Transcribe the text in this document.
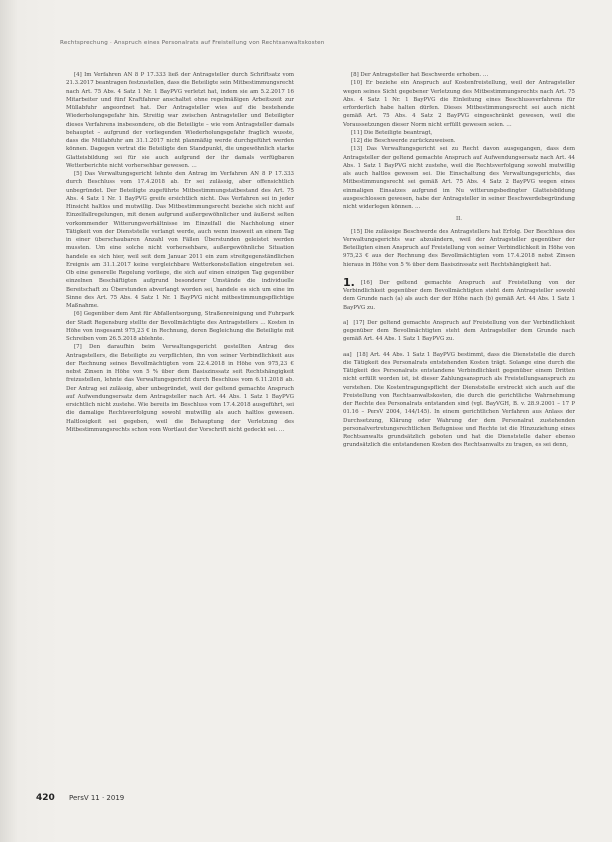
Rechtsprechung · Anspruch eines Personalrats auf Freistellung von Rechtsanwaltskosten

[4] Im Verfahren AN 8 P 17.333 ließ der Antragsteller durch Schriftsatz vom 21.3.2017 beantragen festzustellen, dass die Beteiligte sein Mitbestimmungsrecht nach Art. 75 Abs. 4 Satz 1 Nr. 1 BayPVG verletzt hat, indem sie am 5.2.2017 16 Mitarbeiter und fünf Kraftfahrer anschaltet ohne regelmäßigen Arbeitszeit zur Müllabfuhr angeordnet hat. Der Antragsteller wies auf die bestehende Wiederholungsgefahr hin. Streitig war zwischen Antragsteller und Beteiligter dieses Verfahrens insbesondere, ob die Beteiligte – wie vom Antragsteller damals behauptet – aufgrund der vorliegenden Wiederholungsgefahr fraglich wusste, dass die Müllabfuhr am 31.1.2017 nicht planmäßig werde durchgeführt werden können. Dagegen vertrat die Beteiligte den Standpunkt, die ungewöhnlich starke Glatteisbildung sei für sie auch aufgrund der ihr damals verfügbaren Wetterberichte nicht vorhersehbar gewesen. …

[5] Das Verwaltungsgericht lehnte den Antrag im Verfahren AN 8 P 17.333 durch Beschluss vom 17.4.2018 ab. Er sei zulässig, aber offensichtlich unbegründet. Der Beteiligte zugeführte Mitbestimmungstatbestand des Art. 75 Abs. 4 Satz 1 Nr. 1 BayPVG greife ersichtlich nicht. Das Verfahren sei in jeder Hinsicht haltlos und mutwillig. Das Mitbestimmungsrecht beziehe sich nicht auf Einzelfallregelungen, mit denen aufgrund außergewöhnlicher und äußerst selten vorkommender Witterungsverhältnisse im Einzelfall die Nachholung einer Tätigkeit von der Dienststelle verlangt werde, auch wenn insoweit an einem Tag in einer überschaubaren Anzahl von Fällen Überstunden geleistet werden mussten. Um eine solche nicht vorhersehbare, außergewöhnliche Situation handele es sich hier, weil seit dem Januar 2011 ein zum streitgegenständlichen Ereignis am 31.1.2017 keine vergleichbare Wetterkonstellation eingetreten sei. Ob eine generelle Regelung vorliege, die sich auf einen einzigen Tag gegenüber einzelnen Beschäftigten aufgrund besonderer Umstände die individuelle Bereitschaft zu Überstunden abverlangt worden sei, handele es sich um eine im Sinne des Art. 75 Abs. 4 Satz 1 Nr. 1 BayPVG nicht mitbestimmungspflichtige Maßnahme.

[6] Gegenüber dem Amt für Abfallentsorgung, Straßenreinigung und Fuhrpark der Stadt Regensburg stellte der Bevollmächtigte des Antragstellers … Kosten in Höhe von insgesamt 975,23 € in Rechnung, deren Begleichung die Beteiligte mit Schreiben vom 26.5.2018 ablehnte.

[7] Den daraufhin beim Verwaltungsgericht gestellten Antrag des Antragstellers, die Beteiligte zu verpflichten, ihn von seiner Verbindlichkeit aus der Rechnung seines Bevollmächtigten vom 22.4.2018 in Höhe von 975,23 € nebst Zinsen in Höhe von 5 % über dem Basiszinssatz seit Rechtshängigkeit freizustellen, lehnte das Verwaltungsgericht durch Beschluss vom 6.11.2018 ab. Der Antrag sei zulässig, aber unbegründet, weil der geltend gemachte Anspruch auf Aufwendungsersatz dem Antragsteller nach Art. 44 Abs. 1 Satz 1 BayPVG ersichtlich nicht zustehe. Wie bereits im Beschluss vom 17.4.2018 ausgeführt, sei die damalige Rechtsverfolgung sowohl mutwillig als auch haltlos gewesen. Haltlosigkeit sei gegeben, weil die Behauptung der Verletzung des Mitbestimmungsrechts schon vom Wortlaut der Vorschrift nicht gedeckt sei. …

[8] Der Antragsteller hat Beschwerde erhoben. …

[10] Er beziehe ein Anspruch auf Kostenfreistellung, weil der Antragsteller wegen seines Sicht gegebener Verletzung des Mitbestimmungsrechts nach Art. 75 Abs. 4 Satz 1 Nr. 1 BayPVG die Einleitung eines Beschlussverfahrens für erforderlich habe halten dürfen. Dieses Mitbestimmungsrecht sei auch nicht gemäß Art. 75 Abs. 4 Satz 2 BayPVG eingeschränkt gewesen, weil die Voraussetzungen dieser Norm nicht erfüllt gewesen seien. …

[11] Die Beteiligte beantragt,

[12] die Beschwerde zurückzuweisen.

[13] Das Verwaltungsgericht sei zu Recht davon ausgegangen, dass dem Antragsteller der geltend gemachte Anspruch auf Aufwendungsersatz nach Art. 44 Abs. 1 Satz 1 BayPVG nicht zustehe, weil die Rechtsverfolgung sowohl mutwillig als auch haltlos gewesen sei. Die Einschaltung des Verwaltungsgerichts, das Mitbestimmungsrecht sei gemäß Art. 75 Abs. 4 Satz 2 BayPVG wegen eines einmaligen Einsatzes aufgrund im Nu witterungsbedingter Glatteisbildung ausgeschlossen gewesen, habe der Antragsteller in seiner Beschwerdebegründung nicht widerlegen können. …

II.

[15] Die zulässige Beschwerde des Antragstellers hat Erfolg. Der Beschluss des Verwaltungsgerichts war abzuändern, weil der Antragsteller gegenüber der Beteiligten einen Anspruch auf Freistellung von seiner Verbindlichkeit in Höhe von 975,23 € aus der Rechnung des Bevollmächtigten vom 17.4.2018 nebst Zinsen hieraus in Höhe von 5 % über dem Basiszinssatz seit Rechtshängigkeit hat.

1. [16] Der geltend gemachte Anspruch auf Freistellung von der Verbindlichkeit gegenüber dem Bevollmächtigten steht dem Antragsteller sowohl dem Grunde nach (a) als auch der der Höhe nach (b) gemäß Art. 44 Abs. 1 Satz 1 BayPVG zu.

a] [17] Der geltend gemachte Anspruch auf Freistellung von der Verbindlichkeit gegenüber dem Bevollmächtigten steht dem Antragsteller dem Grunde nach gemäß Art. 44 Abs. 1 Satz 1 BayPVG zu.

aa] [18] Art. 44 Abs. 1 Satz 1 BayPVG bestimmt, dass die Dienststelle die durch die Tätigkeit des Personalrats entstehenden Kosten trägt. Solange eine durch die Tätigkeit des Personalrats entstandene Verbindlichkeit gegenüber einem Dritten nicht erfüllt worden ist, ist dieser Zahlungsanspruch als Freistellungsanspruch zu verstehen. Die Kostentragungspflicht der Dienststelle erstreckt sich auch auf die Freistellung von Rechtsanwaltskosten, die durch die gerichtliche Wahrnehmung der Rechte des Personalrats entstanden sind (vgl. BayVGH, B. v. 28.9.2001 – 17 P 01.16 – PersV 2004, 144/145). In einem gerichtlichen Verfahren aus Anlass der Durchsetzung, Klärung oder Wahrung der dem Personalrat zustehenden personalvertretungsrechtlichen Befugnisse und Rechte ist die Hinzuziehung eines Rechtsanwalts grundsätzlich geboten und hat die Dienststelle daher ebenso grundsätzlich die entstandenen Kosten des Rechtsanwalts zu tragen, es sei denn,

420 PersV 11 · 2019
